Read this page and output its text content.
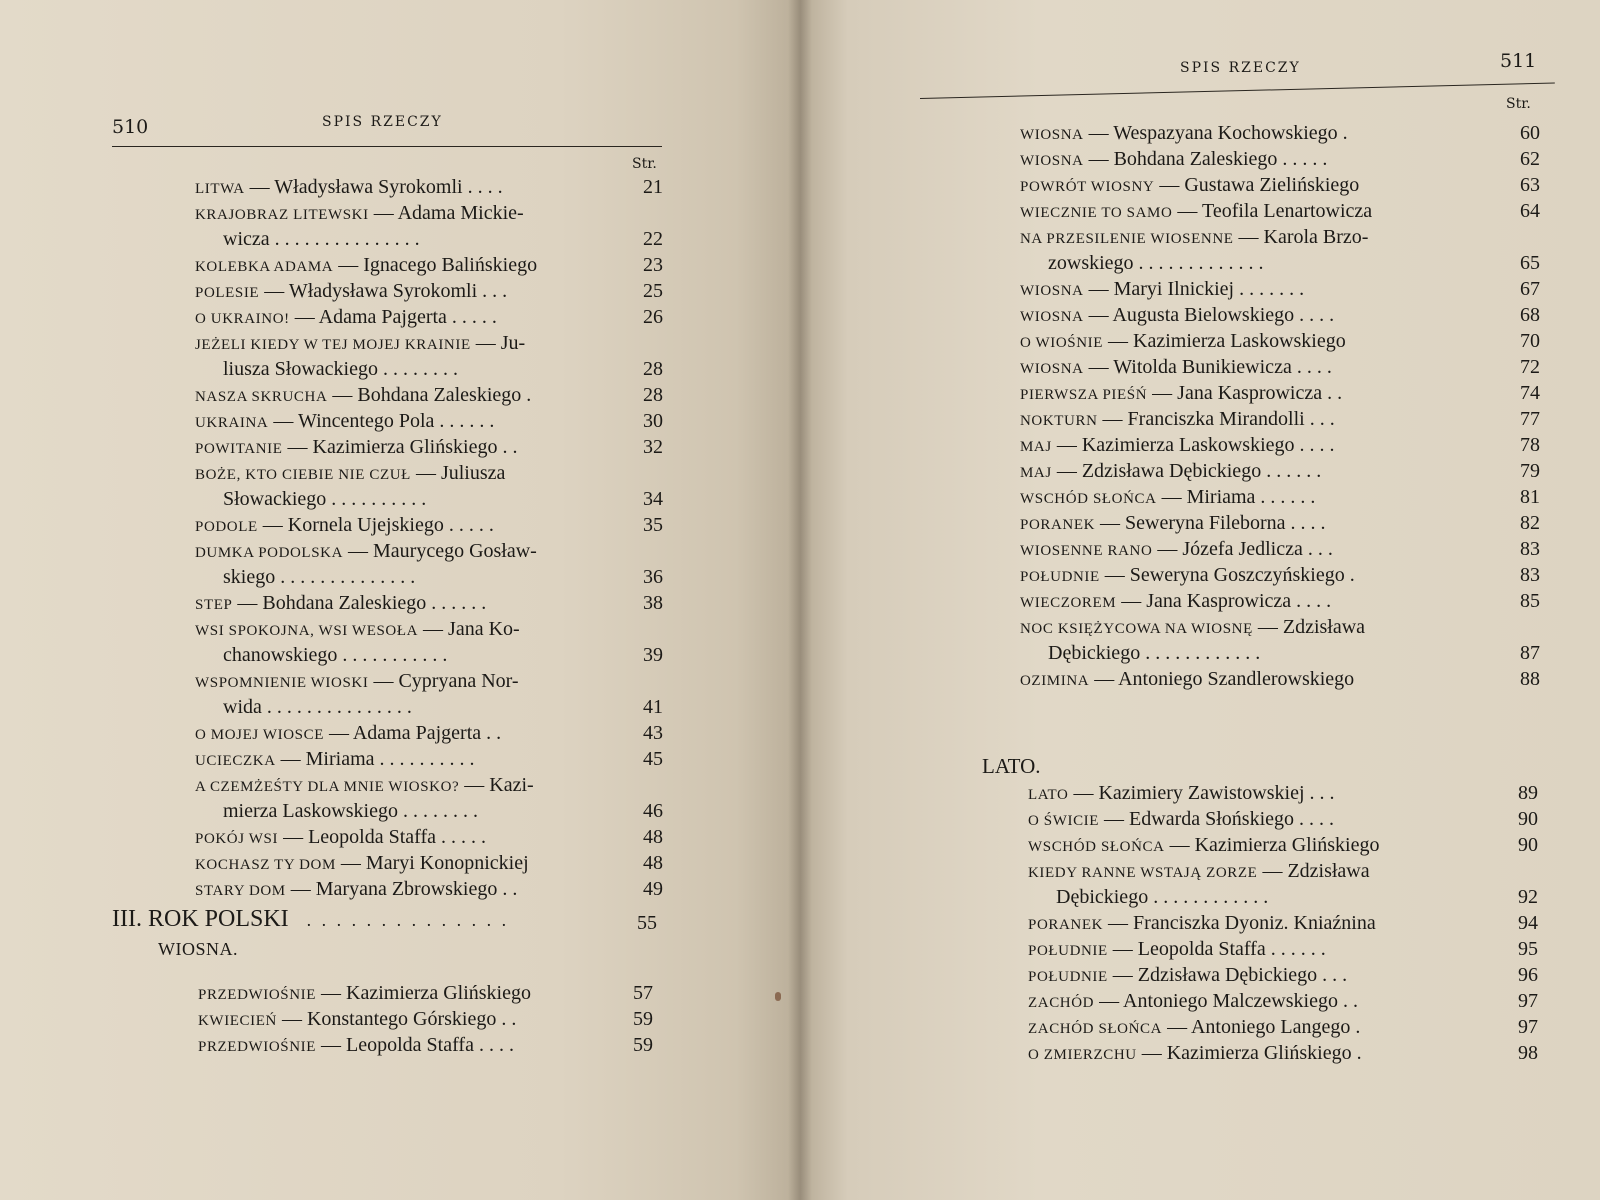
510	SPIS RZECZY
Str.
LITWA — Władysława Syrokomli . . . .	21
KRAJOBRAZ LITEWSKI — Adama Mickie-
wicza . . . . . . . . . . . . . . .	22
KOLEBKA ADAMA — Ignacego Balińskiego	23
POLESIE — Władysława Syrokomli . . .	25
O UKRAINO! — Adama Pajgerta . . . . .	26
JEŻELI KIEDY W TEJ MOJEJ KRAINIE — Ju-
liusza Słowackiego . . . . . . . .	28
NASZA SKRUCHA — Bohdana Zaleskiego .	28
UKRAINA — Wincentego Pola . . . . . .	30
POWITANIE — Kazimierza Glińskiego . .	32
BOŻE, KTO CIEBIE NIE CZUŁ — Juliusza
Słowackiego . . . . . . . . . .	34
PODOLE — Kornela Ujejskiego . . . . .	35
DUMKA PODOLSKA — Maurycego Gosław-
skiego . . . . . . . . . . . . . .	36
STEP — Bohdana Zaleskiego . . . . . .	38
WSI SPOKOJNA, WSI WESOŁA — Jana Ko-
chanowskiego . . . . . . . . . . .	39
WSPOMNIENIE WIOSKI — Cypryana Nor-
wida . . . . . . . . . . . . . . .	41
O MOJEJ WIOSCE — Adama Pajgerta . .	43
UCIECZKA — Miriama . . . . . . . . . .	45
A CZEMŻEŚTY DLA MNIE WIOSKO? — Kazi-
mierza Laskowskiego . . . . . . . .	46
POKÓJ WSI — Leopolda Staffa . . . . .	48
KOCHASZ TY DOM — Maryi Konopnickiej	48
STARY DOM — Maryana Zbrowskiego . .	49
III. ROK POLSKI . . . . . . . . . . . . . .	55
WIOSNA.
PRZEDWIOŚNIE — Kazimierza Glińskiego	57
KWIECIEŃ — Konstantego Górskiego . .	59
PRZEDWIOŚNIE — Leopolda Staffa . . . .	59
SPIS RZECZY	511
Str.
WIOSNA — Wespazyana Kochowskiego .	60
WIOSNA — Bohdana Zaleskiego . . . . .	62
POWRÓT WIOSNY — Gustawa Zielińskiego	63
WIECZNIE TO SAMO — Teofila Lenartowicza	64
NA PRZESILENIE WIOSENNE — Karola Brzo-
zowskiego . . . . . . . . . . . . .	65
WIOSNA — Maryi Ilnickiej . . . . . . .	67
WIOSNA — Augusta Bielowskiego . . . .	68
O WIOŚNIE — Kazimierza Laskowskiego	70
WIOSNA — Witolda Bunikiewicza . . . .	72
PIERWSZA PIEŚŃ — Jana Kasprowicza . .	74
NOKTURN — Franciszka Mirandolli . . .	77
MAJ — Kazimierza Laskowskiego . . . .	78
MAJ — Zdzisława Dębickiego . . . . . .	79
WSCHÓD SŁOŃCA — Miriama . . . . . .	81
PORANEK — Seweryna Fileborna . . . .	82
WIOSENNE RANO — Józefa Jedlicza . . .	83
POŁUDNIE — Seweryna Goszczyńskiego .	83
WIECZOREM — Jana Kasprowicza . . . .	85
NOC KSIĘŻYCOWA NA WIOSNĘ — Zdzisława
Dębickiego . . . . . . . . . . . .	87
OZIMINA — Antoniego Szandlerowskiego	88
LATO.
LATO — Kazimiery Zawistowskiej . . .	89
O ŚWICIE — Edwarda Słońskiego . . . .	90
WSCHÓD SŁOŃCA — Kazimierza Glińskiego	90
KIEDY RANNE WSTAJĄ ZORZE — Zdzisława
Dębickiego . . . . . . . . . . . .	92
PORANEK — Franciszka Dyoniz. Kniaźnina	94
POŁUDNIE — Leopolda Staffa . . . . . .	95
POŁUDNIE — Zdzisława Dębickiego . . .	96
ZACHÓD — Antoniego Malczewskiego . .	97
ZACHÓD SŁOŃCA — Antoniego Langego .	97
O ZMIERZCHU — Kazimierza Glińskiego .	98
